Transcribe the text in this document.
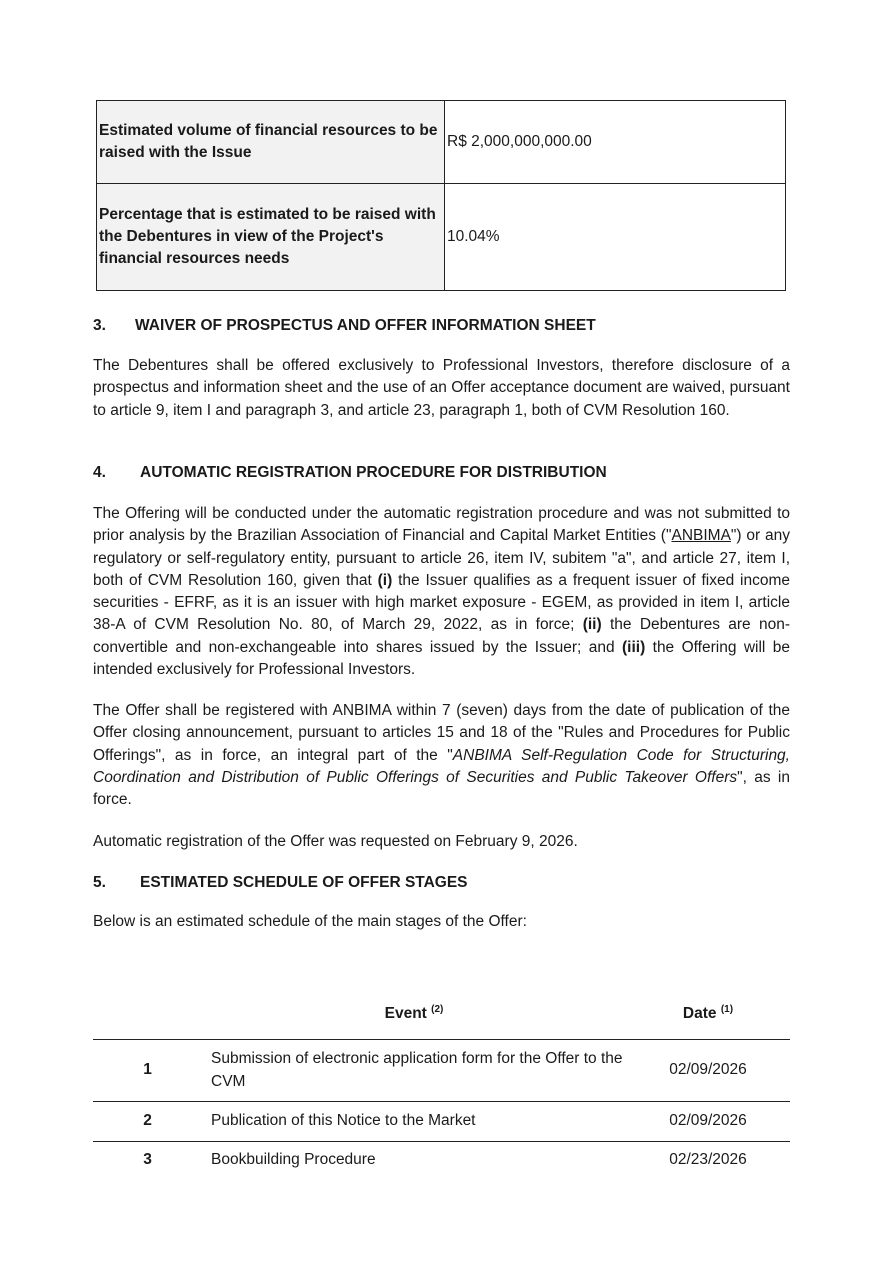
Estimated volume of financial resources to be raised with the Issue	R$ 2,000,000,000.00
Percentage that is estimated to be raised with the Debentures in view of the Project's financial resources needs	10.04%
3. WAIVER OF PROSPECTUS AND OFFER INFORMATION SHEET
The Debentures shall be offered exclusively to Professional Investors, therefore disclosure of a prospectus and information sheet and the use of an Offer acceptance document are waived, pursuant to article 9, item I and paragraph 3, and article 23, paragraph 1, both of CVM Resolution 160.
4. AUTOMATIC REGISTRATION PROCEDURE FOR DISTRIBUTION
The Offering will be conducted under the automatic registration procedure and was not submitted to prior analysis by the Brazilian Association of Financial and Capital Market Entities ("ANBIMA") or any regulatory or self-regulatory entity, pursuant to article 26, item IV, subitem "a", and article 27, item I, both of CVM Resolution 160, given that (i) the Issuer qualifies as a frequent issuer of fixed income securities - EFRF, as it is an issuer with high market exposure - EGEM, as provided in item I, article 38-A of CVM Resolution No. 80, of March 29, 2022, as in force; (ii) the Debentures are non-convertible and non-exchangeable into shares issued by the Issuer; and (iii) the Offering will be intended exclusively for Professional Investors.
The Offer shall be registered with ANBIMA within 7 (seven) days from the date of publication of the Offer closing announcement, pursuant to articles 15 and 18 of the "Rules and Procedures for Public Offerings", as in force, an integral part of the "ANBIMA Self-Regulation Code for Structuring, Coordination and Distribution of Public Offerings of Securities and Public Takeover Offers", as in force.
Automatic registration of the Offer was requested on February 9, 2026.
5. ESTIMATED SCHEDULE OF OFFER STAGES
Below is an estimated schedule of the main stages of the Offer:
	Event $^{(2)}$	Date $^{(1)}$
1	Submission of electronic application form for the Offer to the CVM	02/09/2026
2	Publication of this Notice to the Market	02/09/2026
3	Bookbuilding Procedure	02/23/2026
